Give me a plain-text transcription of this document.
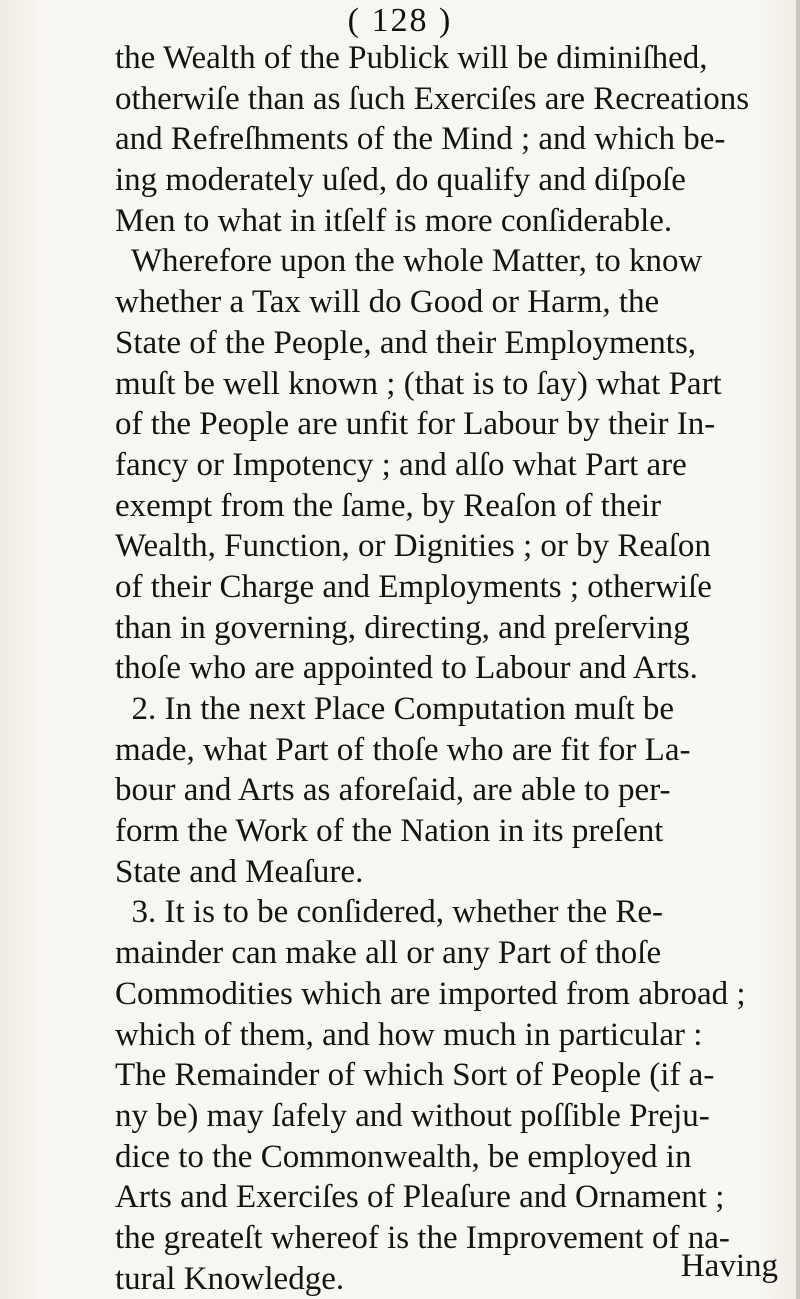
( 128 )
the Wealth of the Publick will be diminiſhed,
otherwiſe than as ſuch Exerciſes are Recreations
and Refreſhments of the Mind ; and which be-
ing moderately uſed, do qualify and diſpoſe
Men to what in itſelf is more conſiderable.
Wherefore upon the whole Matter, to know
whether a Tax will do Good or Harm, the
State of the People, and their Employments,
muſt be well known ; (that is to ſay) what Part
of the People are unfit for Labour by their In-
fancy or Impotency ; and alſo what Part are
exempt from the ſame, by Reaſon of their
Wealth, Function, or Dignities ; or by Reaſon
of their Charge and Employments ; otherwiſe
than in governing, directing, and preſerving
thoſe who are appointed to Labour and Arts.
2. In the next Place Computation muſt be
made, what Part of thoſe who are fit for La-
bour and Arts as aforeſaid, are able to per-
form the Work of the Nation in its preſent
State and Meaſure.
3. It is to be conſidered, whether the Re-
mainder can make all or any Part of thoſe
Commodities which are imported from abroad ;
which of them, and how much in particular :
The Remainder of which Sort of People (if a-
ny be) may ſafely and without poſſible Preju-
dice to the Commonwealth, be employed in
Arts and Exerciſes of Pleaſure and Ornament ;
the greateſt whereof is the Improvement of na-
tural Knowledge.	Having
